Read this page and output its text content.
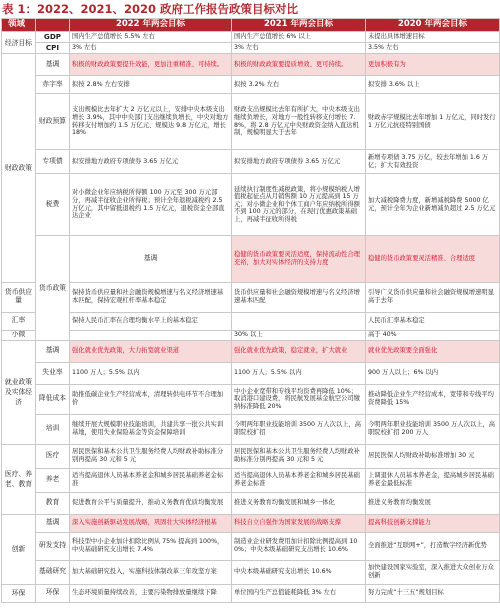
表 1：2022、2021、2020 政府工作报告政策目标对比
领域		2022 年两会目标	2021 年两会目标	2020 年两会目标	
经济目标	GDP	国内生产总值增长 5.5% 左右	国内生产总值增长 6% 以上	未提出具体增速目标	
	CPI	3% 左右	3% 左右	3.5% 左右	
财政政策	基调	积极的财政政策要提升效能，更加注重精准、可持续。	积极的财政政策要提质增效、更可持续。	更加积极有为	
	赤字率	拟按 2.8% 左右安排	拟按 3.2% 左右	拟安排 3.6% 以上	
	财政预算	支出规模比去年扩大 2 万亿元以上，安排中央本级支出增长 3.9%，其中中央部门支出继续负增长，中央对地方转移支付增加约 1.5 万亿元、规模达 9.8 万亿元，增长 18%	财政支出规模比去年有所扩大，中央本级支出继续负增长，对地方一般性转移支付增长 7.8%，将 2.8 万亿元中央财政资金纳入直达机制，规模明显大于去年	财政赤字规模比去年增加 1 万亿元，同时发行 1 万亿元抗疫特别国债	
	专项债	拟安排地方政府专项债券 3.65 万亿元	拟安排地方政府专项债券 3.65 万亿元	新增专项债 3.75 万亿，较去年增加 1.6 万亿；扩大有效投资	
	税费	对小微企业年应纳税所得额 100 万元至 300 万元部分，再减半征收企业所得税；预计全年退税减税约 2.5 万亿元，其中留抵退税约 1.5 万亿元，退税资金全部直达企业	延续执行制度性减税政策，将小规模纳税人增值税起征点从月销售额 10 万元提高到 15 万元；对小微企业和个体工商户年应纳税所得额不到 100 万元的部分，在现行优惠政策基础上，再减半征收所得税	加大减税降费力度，新增减税降费 5000 亿元，预计全年为企业新增减负超过 2.5 万亿元	
	货币政策	基调	稳健的货币政策要灵活适度，保持流动性合理充裕，加大对实体经济的支持力度	稳健的货币政策要灵活精准、合理适度	
货币供应量		保持货币供应量和社会融资规模增速与名义经济增速基本匹配，保持宏观杠杆率基本稳定	货币供应量和社会融资规模增速与名义经济增速基本匹配	引导广义货币供应量和社会融资规模增速明显高于去年	
汇率		保持人民币汇率在合理均衡水平上的基本稳定		人民币汇率基本稳定	
小微			30% 以上	高于 40%	
就业政策及实体经济	基调	强化就业优先政策，大力拓宽就业渠道	强化就业优先政策，稳定就业，扩大就业	就业优先政策要全面强化	
	失业率	1100 万人；5.5% 以内	1100 万人；5.5% 以内	900 万人以上；6% 以内	
	降低成本	助推低碳企业生产经营成本，清理转供电环节不合理加价	中小企业宽带和专线平均资费再降低 10%；取消港口建设费，将民航发展基金航空公司缴纳标准降低 20%	推动降低企业生产经营成本，宽带和专线平均资费降低 15%	
	培训	继续开展大规模职业技能培训，共建共享一批公共实训基地，使用失业保险基金等资金保障培训	今明两年职业技能培训 3500 万人次以上，高职院校扩招	今明两年职业技能培训 3500 万人次以上，高职院校扩招 200 万人	
医疗、养老、教育	医疗	居民医保和基本公共卫生服务经费人均财政补助标准分别再提高 30 元和 5 元	居民医保和基本公共卫生服务经费人均财政补助标准分别再提高 30 元和 5 元	居民医保人均财政补助标准增加 30 元	
	养老	适当提高退休人员基本养老金和城乡居民基础养老金标准	适当提高退休人员基本养老金和城乡居民基础养老金标准	上调退休人员基本养老金，提高城乡居民基础养老金最低标准	
	教育	促进教育公平与质量提升，推动义务教育优质均衡发展	推进义务教育均衡发展和城乡一体化	推进义务教育均衡发展	
创新	基调	深入实施创新驱动发展战略，巩固壮大实体经济根基	科技自立自强作为国家发展的战略支撑	提高科技创新支撑能力	
	研发支持	科技型中小企业加计扣除比例从 75% 提高到 100%，中央基础研究支出增长 7.4%	制造业企业研发费用加计扣除比例提高到 100%；中央本级基础研究支出增长 10.6%	全面推进“互联网+”，打造数字经济新优势	
	基础研究	加大基础研究投入，实施科技体制改革三年攻坚方案	中央本级基础研究支出增长 10.6%	加快建设国家实验室，深入推进大众创业万众创新	
环保	环保	生态环境质量持续改善，主要污染物排放量继续下降	单位国内生产总值能耗降低 3% 左右	努力完成“十三五”规划目标	
